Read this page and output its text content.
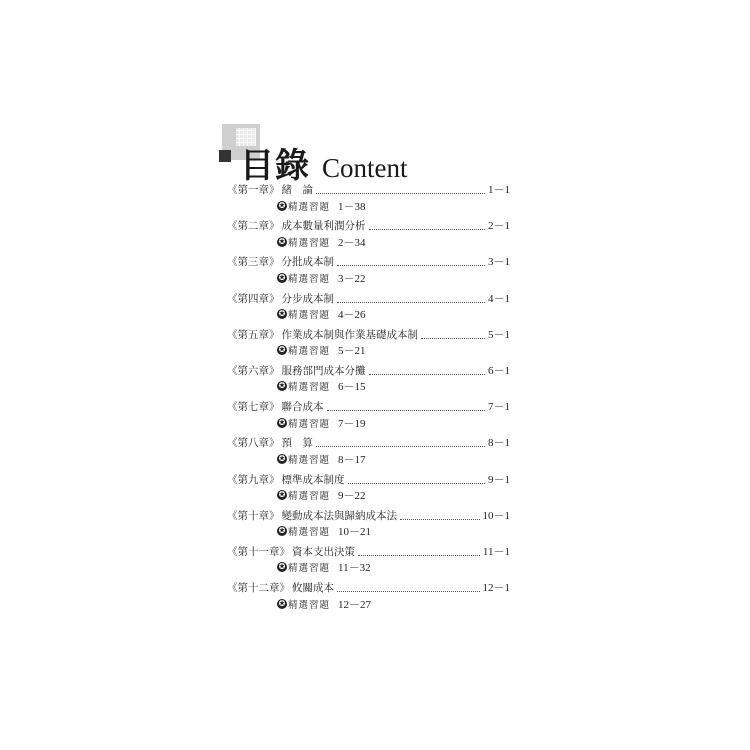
目錄 Content
《第一章》 緒　論	1－1
✪ 精選習題 1－38
《第二章》 成本數量利潤分析	2－1
✪ 精選習題 2－34
《第三章》 分批成本制	3－1
✪ 精選習題 3－22
《第四章》 分步成本制	4－1
✪ 精選習題 4－26
《第五章》 作業成本制與作業基礎成本制	5－1
✪ 精選習題 5－21
《第六章》 服務部門成本分攤	6－1
✪ 精選習題 6－15
《第七章》 聯合成本	7－1
✪ 精選習題 7－19
《第八章》 預　算	8－1
✪ 精選習題 8－17
《第九章》 標準成本制度	9－1
✪ 精選習題 9－22
《第十章》 變動成本法與歸納成本法	10－1
✪ 精選習題 10－21
《第十一章》 資本支出決策	11－1
✪ 精選習題 11－32
《第十二章》 攸關成本	12－1
✪ 精選習題 12－27
